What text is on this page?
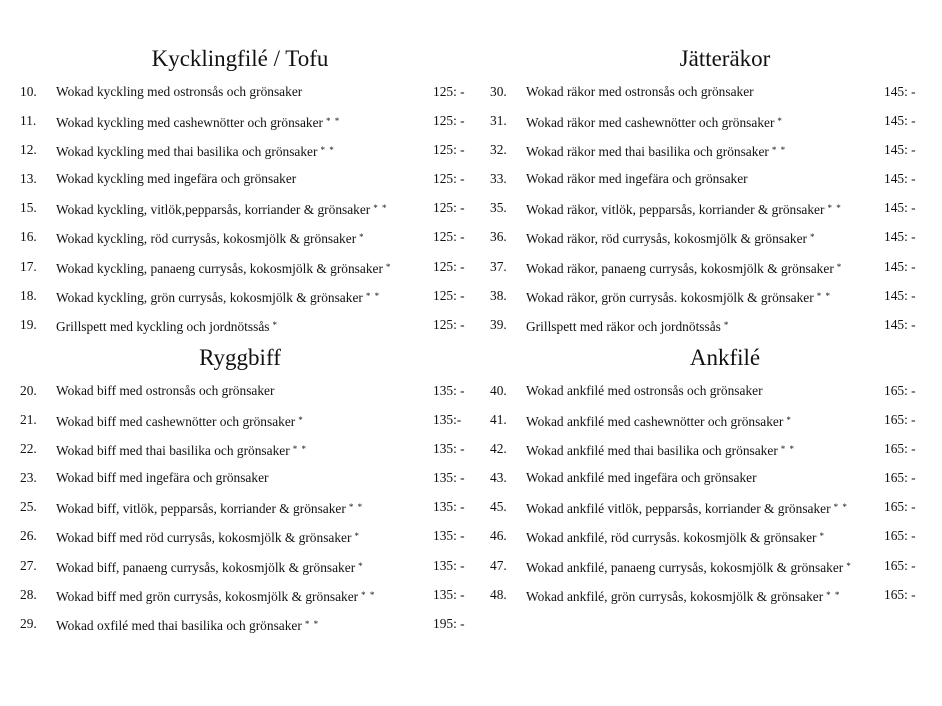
Kycklingfilé / Tofu
10. Wokad kyckling med ostronsås och grönsaker	125: -
11. Wokad kyckling med cashewnötter och grönsaker * *	125: -
12. Wokad kyckling med thai basilika och grönsaker * *	125: -
13. Wokad kyckling med ingefära och grönsaker	125: -
15. Wokad kyckling, vitlök,pepparsås, korriander & grönsaker * *	125: -
16. Wokad kyckling, röd currysås, kokosmjölk & grönsaker *	125: -
17. Wokad kyckling, panaeng currysås, kokosmjölk & grönsaker *	125: -
18. Wokad kyckling, grön currysås, kokosmjölk & grönsaker * *	125: -
19. Grillspett med kyckling och jordnötssås *	125: -
Jätteräkor
30. Wokad räkor med ostronsås och grönsaker	145: -
31. Wokad räkor med cashewnötter och grönsaker *	145: -
32. Wokad räkor med thai basilika och grönsaker * *	145: -
33. Wokad räkor med ingefära och grönsaker	145: -
35. Wokad räkor, vitlök, pepparsås, korriander & grönsaker * *	145: -
36. Wokad räkor, röd currysås, kokosmjölk & grönsaker *	145: -
37. Wokad räkor, panaeng currysås, kokosmjölk & grönsaker *	145: -
38. Wokad räkor, grön currysås. kokosmjölk & grönsaker * *	145: -
39. Grillspett med räkor och jordnötssås *	145: -
Ryggbiff
20. Wokad biff med ostronsås och grönsaker	135: -
21. Wokad biff med cashewnötter och grönsaker *	135:-
22. Wokad biff med thai basilika och grönsaker * *	135: -
23. Wokad biff med ingefära och grönsaker	135: -
25. Wokad biff, vitlök, pepparsås, korriander & grönsaker * *	135: -
26. Wokad biff med röd currysås, kokosmjölk & grönsaker *	135: -
27. Wokad biff, panaeng currysås, kokosmjölk & grönsaker *	135: -
28. Wokad biff med grön currysås, kokosmjölk & grönsaker * *	135: -
29. Wokad oxfilé med thai basilika och grönsaker * *	195: -
Ankfilé
40. Wokad ankfilé med ostronsås och grönsaker	165: -
41. Wokad ankfilé med cashewnötter och grönsaker *	165: -
42. Wokad ankfilé med thai basilika och grönsaker * *	165: -
43. Wokad ankfilé med ingefära och grönsaker	165: -
45. Wokad ankfilé vitlök, pepparsås, korriander & grönsaker * *	165: -
46. Wokad ankfilé, röd currysås. kokosmjölk & grönsaker *	165: -
47. Wokad ankfilé, panaeng currysås, kokosmjölk & grönsaker * 165: -
48. Wokad ankfilé, grön currysås, kokosmjölk & grönsaker * *	165: -
